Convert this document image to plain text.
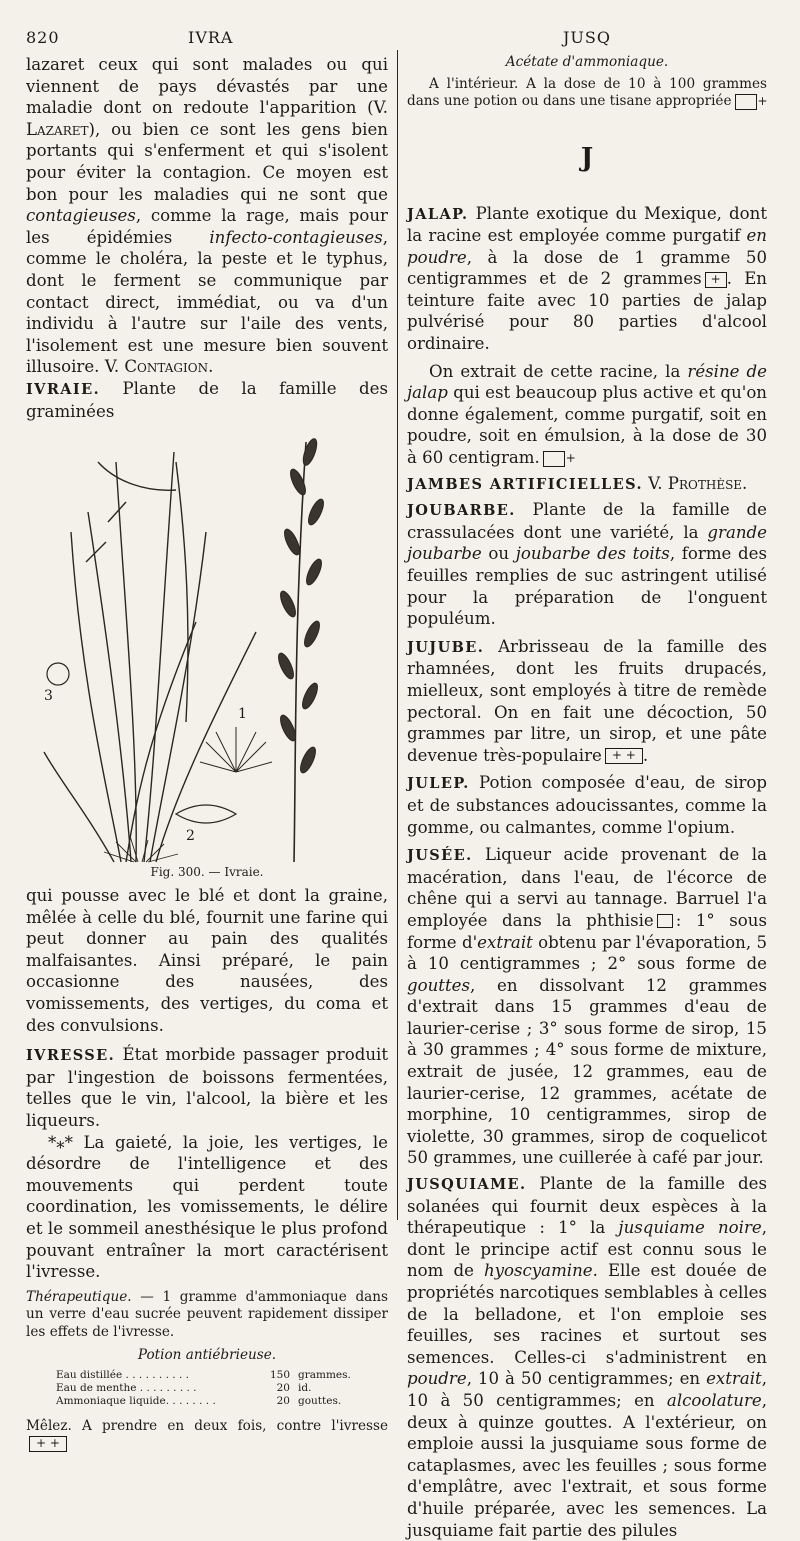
820	IVRA	JUSQ

lazaret ceux qui sont malades ou qui viennent de pays dévastés par une maladie dont on redoute l'apparition (V. Lazaret), ou bien ce sont les gens bien portants qui s'enferment et qui s'isolent pour éviter la contagion. Ce moyen est bon pour les maladies qui ne sont que contagieuses, comme la rage, mais pour les épidémies infecto-contagieuses, comme le choléra, la peste et le typhus, dont le ferment se communique par contact direct, immédiat, ou va d'un individu à l'autre sur l'aile des vents, l'isolement est une mesure bien souvent illusoire. V. Contagion.

IVRAIE. Plante de la famille des graminées

1
2
3
Fig. 300. — Ivraie.

qui pousse avec le blé et dont la graine, mêlée à celle du blé, fournit une farine qui peut donner au pain des qualités malfaisantes. Ainsi préparé, le pain occasionne des nausées, des vomissements, des vertiges, du coma et des convulsions.

IVRESSE. État morbide passager produit par l'ingestion de boissons fermentées, telles que le vin, l'alcool, la bière et les liqueurs.

*⁎* La gaieté, la joie, les vertiges, le désordre de l'intelligence et des mouvements qui perdent toute coordination, les vomissements, le délire et le sommeil anesthésique le plus profond pouvant entraîner la mort caractérisent l'ivresse.

Thérapeutique. — 1 gramme d'ammoniaque dans un verre d'eau sucrée peuvent rapidement dissiper les effets de l'ivresse.

Potion antiébrieuse.

Eau distillée . . . . . . . . . .	150 grammes.
Eau de menthe . . . . . . . . .	20 id.
Ammoniaque liquide. . . . . . . .	20 gouttes.

Mêlez. A prendre en deux fois, contre l'ivresse+ +

Acétate d'ammoniaque.

A l'intérieur. A la dose de 10 à 100 grammes dans une potion ou dans une tisane appropriée +

J

JALAP. Plante exotique du Mexique, dont la racine est employée comme purgatif en poudre, à la dose de 1 gramme 50 centigrammes et de 2 grammes + . En teinture faite avec 10 parties de jalap pulvérisé pour 80 parties d'alcool ordinaire.

On extrait de cette racine, la résine de jalap qui est beaucoup plus active et qu'on donne également, comme purgatif, soit en poudre, soit en émulsion, à la dose de 30 à 60 centigram. +

JAMBES ARTIFICIELLES. V. Prothèse.

JOUBARBE. Plante de la famille de crassulacées dont une variété, la grande joubarbe ou joubarbe des toits, forme des feuilles remplies de suc astringent utilisé pour la préparation de l'onguent populéum.

JUJUBE. Arbrisseau de la famille des rhamnées, dont les fruits drupacés, mielleux, sont employés à titre de remède pectoral. On en fait une décoction, 50 grammes par litre, un sirop, et une pâte devenue très-populaire + + .

JULEP. Potion composée d'eau, de sirop et de substances adoucissantes, comme la gomme, ou calmantes, comme l'opium.

JUSÉE. Liqueur acide provenant de la macération, dans l'eau, de l'écorce de chêne qui a servi au tannage. Barruel l'a employée dans la phthisie : 1° sous forme d'extrait obtenu par l'évaporation, 5 à 10 centigrammes ; 2° sous forme de gouttes, en dissolvant 12 grammes d'extrait dans 15 grammes d'eau de laurier-cerise ; 3° sous forme de sirop, 15 à 30 grammes ; 4° sous forme de mixture, extrait de jusée, 12 grammes, eau de laurier-cerise, 12 grammes, acétate de morphine, 10 centigrammes, sirop de violette, 30 grammes, sirop de coquelicot 50 grammes, une cuillerée à café par jour.

JUSQUIAME. Plante de la famille des solanées qui fournit deux espèces à la thérapeutique : 1° la jusquiame noire, dont le principe actif est connu sous le nom de hyoscyamine. Elle est douée de propriétés narcotiques semblables à celles de la belladone, et l'on emploie ses feuilles, ses racines et surtout ses semences. Celles-ci s'administrent en poudre, 10 à 50 centigrammes; en extrait, 10 à 50 centigrammes; en alcoolature, deux à quinze gouttes. A l'extérieur, on emploie aussi la jusquiame sous forme de cataplasmes, avec les feuilles ; sous forme d'emplâtre, avec l'extrait, et sous forme d'huile préparée, avec les semences. La jusquiame fait partie des pilules
